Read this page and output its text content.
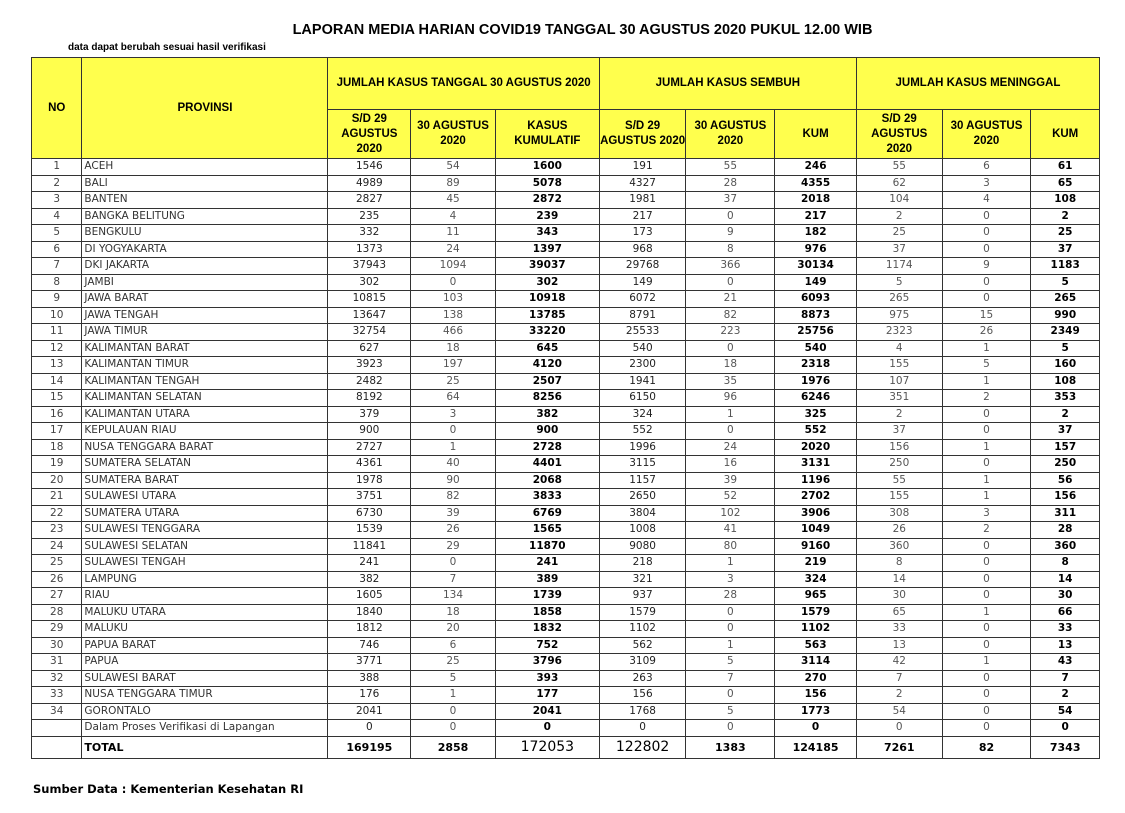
LAPORAN MEDIA HARIAN COVID19 TANGGAL 30 AGUSTUS 2020 PUKUL 12.00 WIB
data dapat berubah sesuai hasil verifikasi
NO	PROVINSI	JUMLAH KASUS TANGGAL 30 AGUSTUS 2020			JUMLAH KASUS SEMBUH			JUMLAH KASUS MENINGGAL		
		S/D 29 AGUSTUS 2020	30 AGUSTUS 2020	KASUS KUMULATIF	S/D 29 AGUSTUS 2020	30 AGUSTUS 2020	KUM	S/D 29 AGUSTUS 2020	30 AGUSTUS 2020	KUM
1	ACEH	1546	54	1600	191	55	246	55	6	61
2	BALI	4989	89	5078	4327	28	4355	62	3	65
3	BANTEN	2827	45	2872	1981	37	2018	104	4	108
4	BANGKA BELITUNG	235	4	239	217	0	217	2	0	2
5	BENGKULU	332	11	343	173	9	182	25	0	25
6	DI YOGYAKARTA	1373	24	1397	968	8	976	37	0	37
7	DKI JAKARTA	37943	1094	39037	29768	366	30134	1174	9	1183
8	JAMBI	302	0	302	149	0	149	5	0	5
9	JAWA BARAT	10815	103	10918	6072	21	6093	265	0	265
10	JAWA TENGAH	13647	138	13785	8791	82	8873	975	15	990
11	JAWA TIMUR	32754	466	33220	25533	223	25756	2323	26	2349
12	KALIMANTAN BARAT	627	18	645	540	0	540	4	1	5
13	KALIMANTAN TIMUR	3923	197	4120	2300	18	2318	155	5	160
14	KALIMANTAN TENGAH	2482	25	2507	1941	35	1976	107	1	108
15	KALIMANTAN SELATAN	8192	64	8256	6150	96	6246	351	2	353
16	KALIMANTAN UTARA	379	3	382	324	1	325	2	0	2
17	KEPULAUAN RIAU	900	0	900	552	0	552	37	0	37
18	NUSA TENGGARA BARAT	2727	1	2728	1996	24	2020	156	1	157
19	SUMATERA SELATAN	4361	40	4401	3115	16	3131	250	0	250
20	SUMATERA BARAT	1978	90	2068	1157	39	1196	55	1	56
21	SULAWESI UTARA	3751	82	3833	2650	52	2702	155	1	156
22	SUMATERA UTARA	6730	39	6769	3804	102	3906	308	3	311
23	SULAWESI TENGGARA	1539	26	1565	1008	41	1049	26	2	28
24	SULAWESI SELATAN	11841	29	11870	9080	80	9160	360	0	360
25	SULAWESI TENGAH	241	0	241	218	1	219	8	0	8
26	LAMPUNG	382	7	389	321	3	324	14	0	14
27	RIAU	1605	134	1739	937	28	965	30	0	30
28	MALUKU UTARA	1840	18	1858	1579	0	1579	65	1	66
29	MALUKU	1812	20	1832	1102	0	1102	33	0	33
30	PAPUA BARAT	746	6	752	562	1	563	13	0	13
31	PAPUA	3771	25	3796	3109	5	3114	42	1	43
32	SULAWESI BARAT	388	5	393	263	7	270	7	0	7
33	NUSA TENGGARA TIMUR	176	1	177	156	0	156	2	0	2
34	GORONTALO	2041	0	2041	1768	5	1773	54	0	54
	Dalam Proses Verifikasi di Lapangan	0	0	0	0	0	0	0	0	0
	TOTAL	169195	2858	172053	122802	1383	124185	7261	82	7343
Sumber Data : Kementerian Kesehatan RI
